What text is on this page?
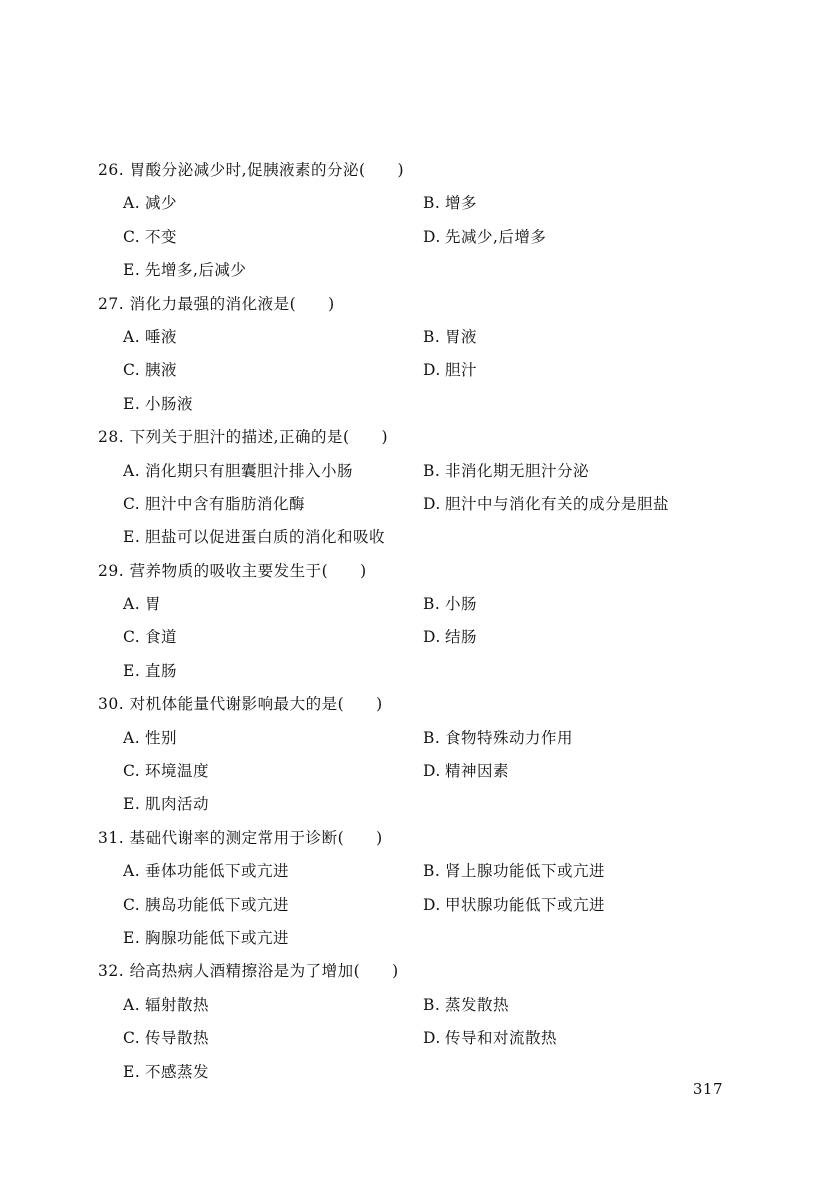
26. 胃酸分泌减少时,促胰液素的分泌(　　)
A. 减少	B. 增多
C. 不变	D. 先减少,后增多
E. 先增多,后减少
27. 消化力最强的消化液是(　　)
A. 唾液	B. 胃液
C. 胰液	D. 胆汁
E. 小肠液
28. 下列关于胆汁的描述,正确的是(　　)
A. 消化期只有胆囊胆汁排入小肠	B. 非消化期无胆汁分泌
C. 胆汁中含有脂肪消化酶	D. 胆汁中与消化有关的成分是胆盐
E. 胆盐可以促进蛋白质的消化和吸收
29. 营养物质的吸收主要发生于(　　)
A. 胃	B. 小肠
C. 食道	D. 结肠
E. 直肠
30. 对机体能量代谢影响最大的是(　　)
A. 性别	B. 食物特殊动力作用
C. 环境温度	D. 精神因素
E. 肌肉活动
31. 基础代谢率的测定常用于诊断(　　)
A. 垂体功能低下或亢进	B. 肾上腺功能低下或亢进
C. 胰岛功能低下或亢进	D. 甲状腺功能低下或亢进
E. 胸腺功能低下或亢进
32. 给高热病人酒精擦浴是为了增加(　　)
A. 辐射散热	B. 蒸发散热
C. 传导散热	D. 传导和对流散热
E. 不感蒸发
317
